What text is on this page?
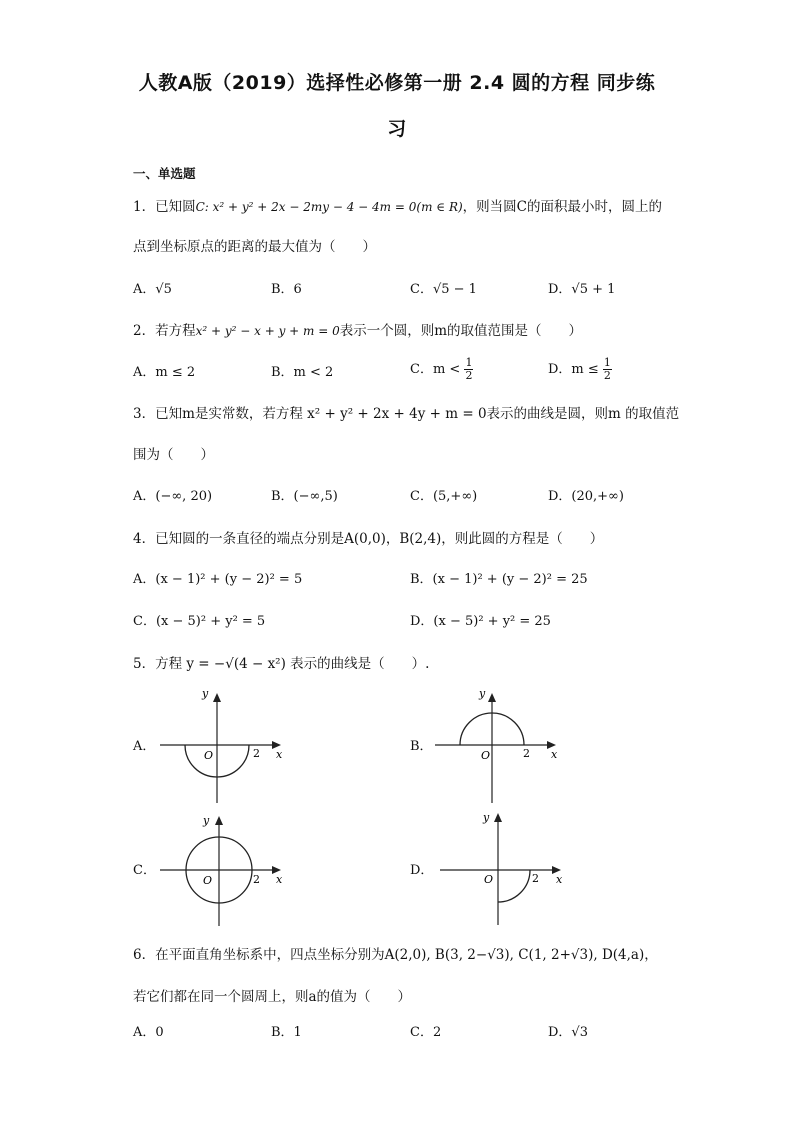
人教A版（2019）选择性必修第一册 2.4 圆的方程 同步练
习
一、单选题
1．已知圆C: x² + y² + 2x − 2my − 4 − 4m = 0(m ∈ R)，则当圆C的面积最小时，圆上的
点到坐标原点的距离的最大值为（　　）
A．√5	B．6	C．√5 − 1	D．√5 + 1
2．若方程x² + y² − x + y + m = 0表示一个圆，则m的取值范围是（　　）
A．m ≤ 2	B．m < 2	C．$m < \frac{1}{2}$	D．$m \le \frac{1}{2}$
3．已知m是实常数，若方程 x² + y² + 2x + 4y + m = 0表示的曲线是圆，则m 的取值范
围为（　　）
A．(−∞, 20)	B．(−∞,5)	C．(5,+∞)	D．(20,+∞)
4．已知圆的一条直径的端点分别是A(0,0)，B(2,4)，则此圆的方程是（　　）
A．(x − 1)² + (y − 2)² = 5	B．(x − 1)² + (y − 2)² = 25
C．(x − 5)² + y² = 5	D．(x − 5)² + y² = 25
5．方程 y = −√(4 − x²) 表示的曲线是（　　）.
A．
y
x
O	2	B．
y
x
O	2
C．
y
x
O	2
D．
y
x
O	2
6．在平面直角坐标系中，四点坐标分别为A(2,0), B(3, 2−√3), C(1, 2+√3), D(4,a)，
若它们都在同一个圆周上，则a的值为（　　）
A．0	B．1	C．2	D．√3
